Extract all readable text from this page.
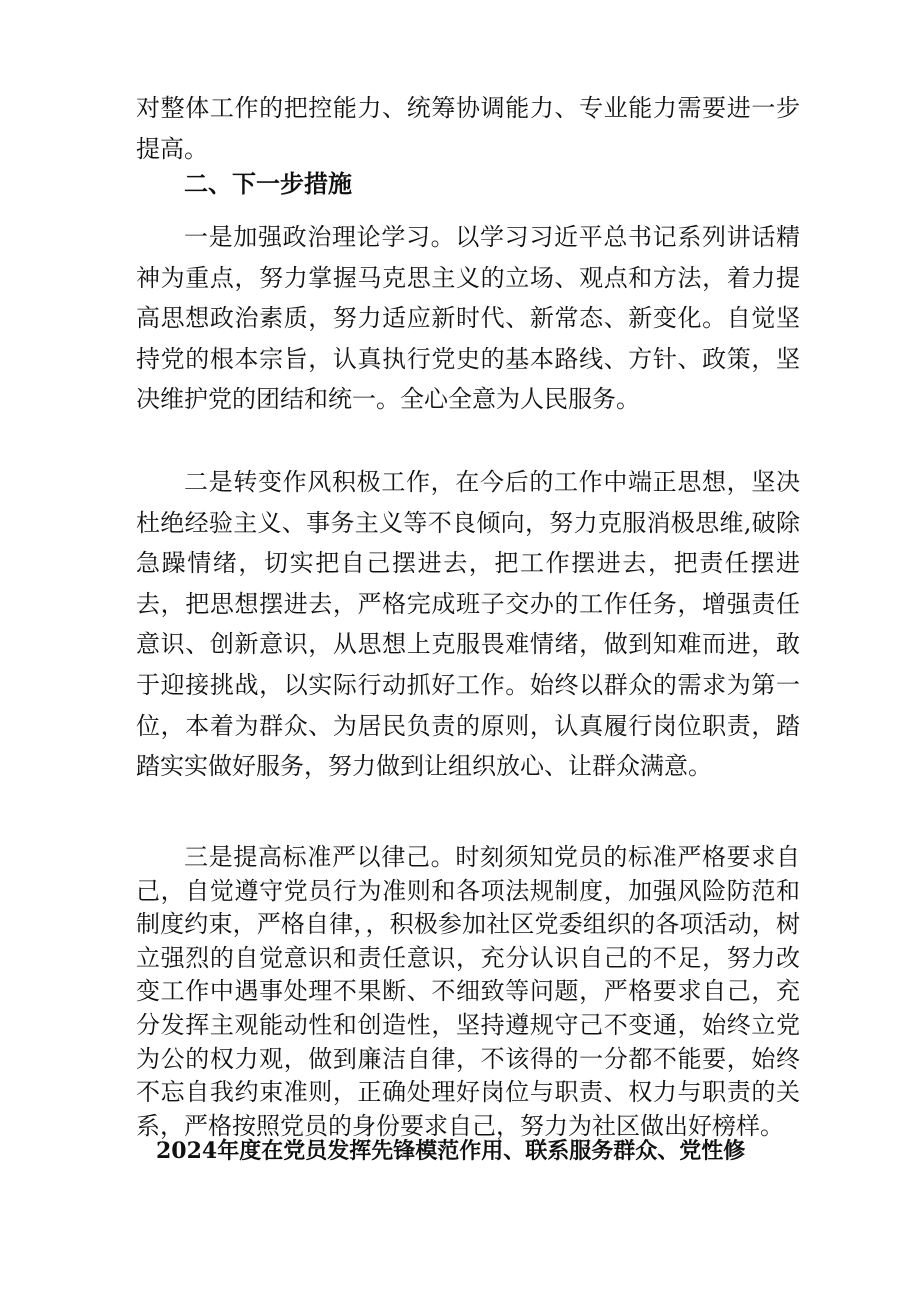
对整体工作的把控能力、统筹协调能力、专业能力需要进一步提高。

二、下一步措施

一是加强政治理论学习。以学习习近平总书记系列讲话精神为重点，努力掌握马克思主义的立场、观点和方法，着力提高思想政治素质，努力适应新时代、新常态、新变化。自觉坚持党的根本宗旨，认真执行党史的基本路线、方针、政策，坚决维护党的团结和统一。全心全意为人民服务。

二是转变作风积极工作，在今后的工作中端正思想，坚决杜绝经验主义、事务主义等不良倾向，努力克服消极思维,破除急躁情绪，切实把自己摆进去，把工作摆进去，把责任摆进去，把思想摆进去，严格完成班子交办的工作任务，增强责任意识、创新意识，从思想上克服畏难情绪，做到知难而进，敢于迎接挑战，以实际行动抓好工作。始终以群众的需求为第一位，本着为群众、为居民负责的原则，认真履行岗位职责，踏踏实实做好服务，努力做到让组织放心、让群众满意。

三是提高标准严以律己。时刻须知党员的标准严格要求自己，自觉遵守党员行为准则和各项法规制度，加强风险防范和制度约束，严格自律，，积极参加社区党委组织的各项活动，树立强烈的自觉意识和责任意识，充分认识自己的不足，努力改变工作中遇事处理不果断、不细致等问题，严格要求自己，充分发挥主观能动性和创造性，坚持遵规守己不变通，始终立党为公的权力观，做到廉洁自律，不该得的一分都不能要，始终不忘自我约束准则，正确处理好岗位与职责、权力与职责的关系，严格按照党员的身份要求自己，努力为社区做出好榜样。

2024年度在党员发挥先锋模范作用、联系服务群众、党性修
